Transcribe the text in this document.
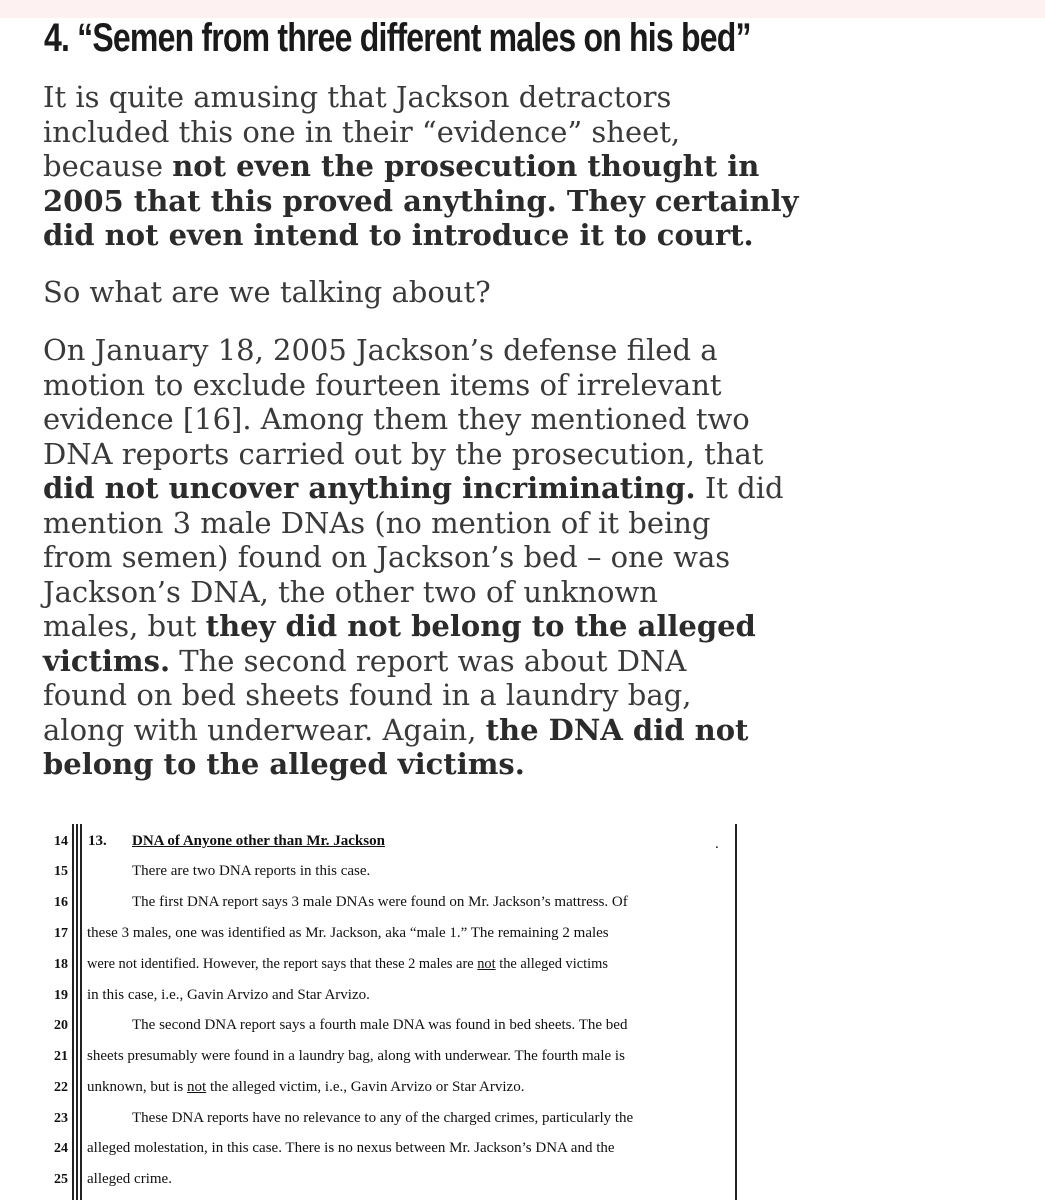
4. “Semen from three different males on his bed”

It is quite amusing that Jackson detractors
included this one in their “evidence” sheet,
because not even the prosecution thought in
2005 that this proved anything. They certainly
did not even intend to introduce it to court.

So what are we talking about?

On January 18, 2005 Jackson’s defense filed a
motion to exclude fourteen items of irrelevant
evidence [16]. Among them they mentioned two
DNA reports carried out by the prosecution, that
did not uncover anything incriminating. It did
mention 3 male DNAs (no mention of it being
from semen) found on Jackson’s bed – one was
Jackson’s DNA, the other two of unknown
males, but they did not belong to the alleged
victims. The second report was about DNA
found on bed sheets found in a laundry bag,
along with underwear. Again, the DNA did not
belong to the alleged victims.

14
15
16
17
18
19
20
21
22
23
24
25
13. DNA of Anyone other than Mr. Jackson	.
There are two DNA reports in this case.
The first DNA report says 3 male DNAs were found on Mr. Jackson’s mattress. Of
these 3 males, one was identified as Mr. Jackson, aka “male 1.” The remaining 2 males
were not identified. However, the report says that these 2 males are not the alleged victims
in this case, i.e., Gavin Arvizo and Star Arvizo.
The second DNA report says a fourth male DNA was found in bed sheets. The bed
sheets presumably were found in a laundry bag, along with underwear. The fourth male is
unknown, but is not the alleged victim, i.e., Gavin Arvizo or Star Arvizo.
These DNA reports have no relevance to any of the charged crimes, particularly the
alleged molestation, in this case. There is no nexus between Mr. Jackson’s DNA and the
alleged crime.
